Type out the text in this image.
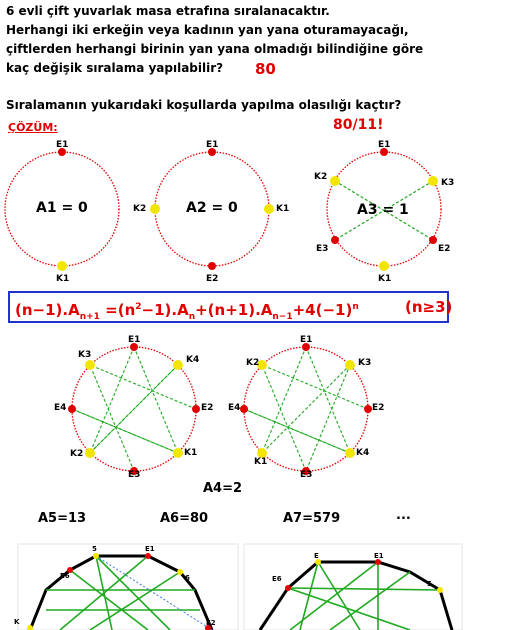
6 evli çift yuvarlak masa etrafına sıralanacaktır.
Herhangi iki erkeğin veya kadının yan yana oturamayacağı,
çiftlerden herhangi birinin yan yana olmadığı bilindiğine göre
kaç değişik sıralama yapılabilir? 80
Sıralamanın yukarıdaki koşullarda yapılma olasılığı kaçtır?
80/11!
ÇÖZÜM:
E1
K1
A1 = 0
E1
K2	K1
E2
A2 = 0
E1
K2
K3
E3	E2
K1
A3 = 1
$(n-1).A_{n+1} =(n^2-1).A_n+(n+1).A_{n-1}+4(-1)^n$	(n≥3)
E1
K4
E2
K1
E3
K2
E4
K3
E1
K3
E2
K4
E3
K1
E4
K2
A4=2
A5=13	A6=80	A7=579	...
5	E1
E6	6
K	E2
E	E1
E6
5
